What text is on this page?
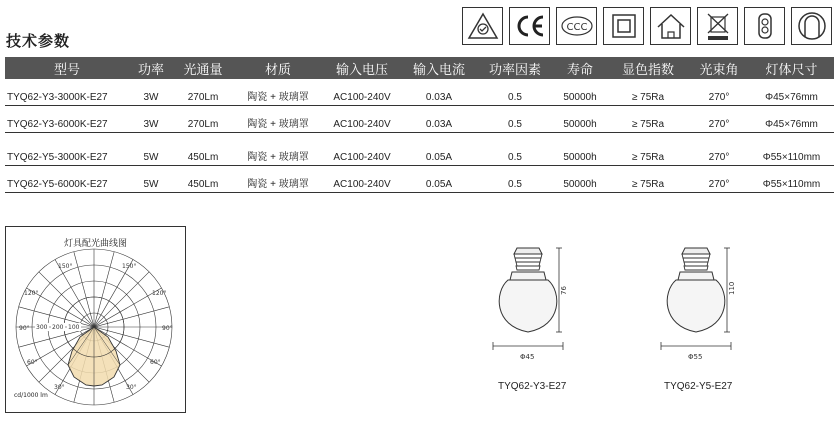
技术参数
CCC
型号	功率	光通量	材质	输入电压	输入电流	功率因素	寿命	显色指数	光束角	灯体尺寸
TYQ62-Y3-3000K-E27	3W	270Lm	陶瓷 + 玻璃罩	AC100-240V	0.03A	0.5	50000h	≥ 75Ra	270°	Φ45×76mm
TYQ62-Y3-6000K-E27	3W	270Lm	陶瓷 + 玻璃罩	AC100-240V	0.03A	0.5	50000h	≥ 75Ra	270°	Φ45×76mm
TYQ62-Y5-3000K-E27	5W	450Lm	陶瓷 + 玻璃罩	AC100-240V	0.05A	0.5	50000h	≥ 75Ra	270°	Φ55×110mm
TYQ62-Y5-6000K-E27	5W	450Lm	陶瓷 + 玻璃罩	AC100-240V	0.05A	0.5	50000h	≥ 75Ra	270°	Φ55×110mm
灯具配光曲线图
150°	150°
120°	120°
90°	90°
60°	60°
30°	30°
300 200 100
cd/1000 lm
76
Φ45
TYQ62-Y3-E27
110
Φ55
TYQ62-Y5-E27
